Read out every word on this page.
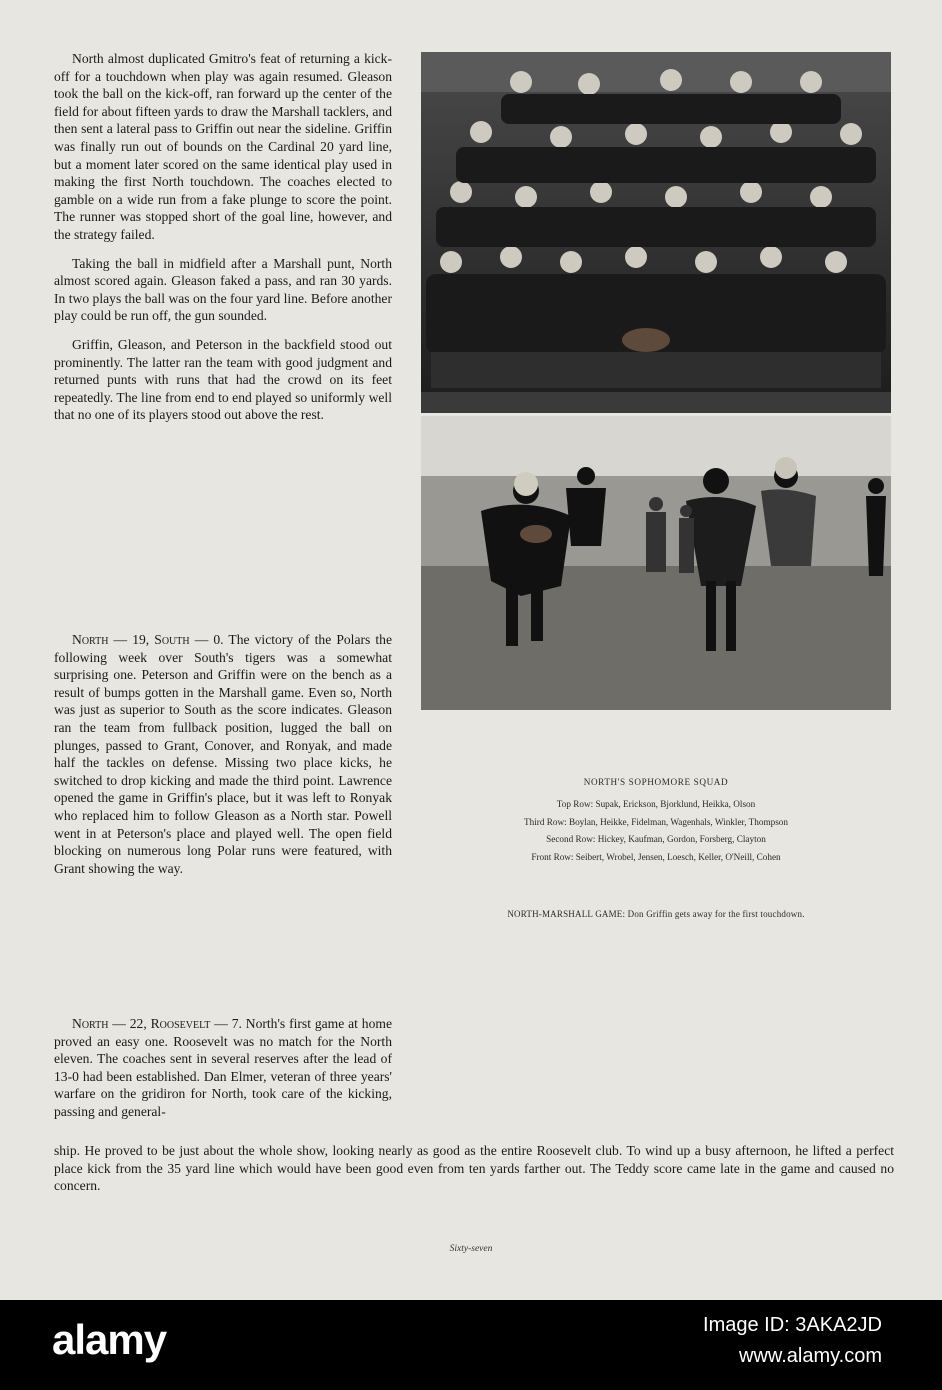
North almost duplicated Gmitro's feat of returning a kick-off for a touchdown when play was again resumed. Gleason took the ball on the kick-off, ran forward up the center of the field for about fifteen yards to draw the Marshall tacklers, and then sent a lateral pass to Griffin out near the sideline. Griffin was finally run out of bounds on the Cardinal 20 yard line, but a moment later scored on the same identical play used in making the first North touchdown. The coaches elected to gamble on a wide run from a fake plunge to score the point. The runner was stopped short of the goal line, however, and the strategy failed.

Taking the ball in midfield after a Marshall punt, North almost scored again. Gleason faked a pass, and ran 30 yards. In two plays the ball was on the four yard line. Before another play could be run off, the gun sounded.

Griffin, Gleason, and Peterson in the backfield stood out prominently. The latter ran the team with good judgment and returned punts with runs that had the crowd on its feet repeatedly. The line from end to end played so uniformly well that no one of its players stood out above the rest.

North — 19, South — 0. The victory of the Polars the following week over South's tigers was a somewhat surprising one. Peterson and Griffin were on the bench as a result of bumps gotten in the Marshall game. Even so, North was just as superior to South as the score indicates. Gleason ran the team from fullback position, lugged the ball on plunges, passed to Grant, Conover, and Ronyak, and made half the tackles on defense. Missing two place kicks, he switched to drop kicking and made the third point. Lawrence opened the game in Griffin's place, but it was left to Ronyak who replaced him to follow Gleason as a North star. Powell went in at Peterson's place and played well. The open field blocking on numerous long Polar runs were featured, with Grant showing the way.

North — 22, Roosevelt — 7. North's first game at home proved an easy one. Roosevelt was no match for the North eleven. The coaches sent in several reserves after the lead of 13-0 had been established. Dan Elmer, veteran of three years' warfare on the gridiron for North, took care of the kicking, passing and general-

ship. He proved to be just about the whole show, looking nearly as good as the entire Roosevelt club. To wind up a busy afternoon, he lifted a perfect place kick from the 35 yard line which would have been good even from ten yards farther out. The Teddy score came late in the game and caused no concern.
NORTH'S SOPHOMORE SQUAD
Top Row: Supak, Erickson, Bjorklund, Heikka, Olson
Third Row: Boylan, Heikke, Fidelman, Wagenhals, Winkler, Thompson
Second Row: Hickey, Kaufman, Gordon, Forsberg, Clayton
Front Row: Seibert, Wrobel, Jensen, Loesch, Keller, O'Neill, Cohen
NORTH-MARSHALL GAME: Don Griffin gets away for the first touchdown.
Sixty-seven
alamy	Image ID: 3AKA2JD
www.alamy.com
